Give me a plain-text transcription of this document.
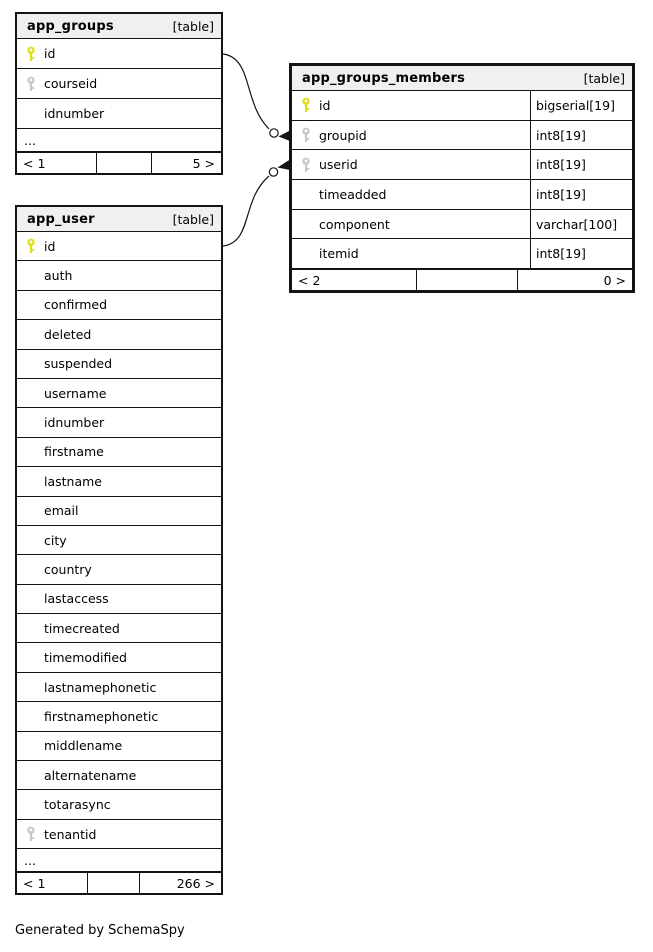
app_groups	[table]
id
courseid
idnumber
...
< 1	5 >
app_user	[table]
id
auth
confirmed
deleted
suspended
username
idnumber
firstname
lastname
email
city
country
lastaccess
timecreated
timemodified
lastnamephonetic
firstnamephonetic
middlename
alternatename
totarasync
tenantid
...
< 1	266 >
app_groups_members	[table]
id	bigserial[19]
groupid	int8[19]
userid	int8[19]
timeadded	int8[19]
component	varchar[100]
itemid	int8[19]
< 2	0 >
Generated by SchemaSpy
